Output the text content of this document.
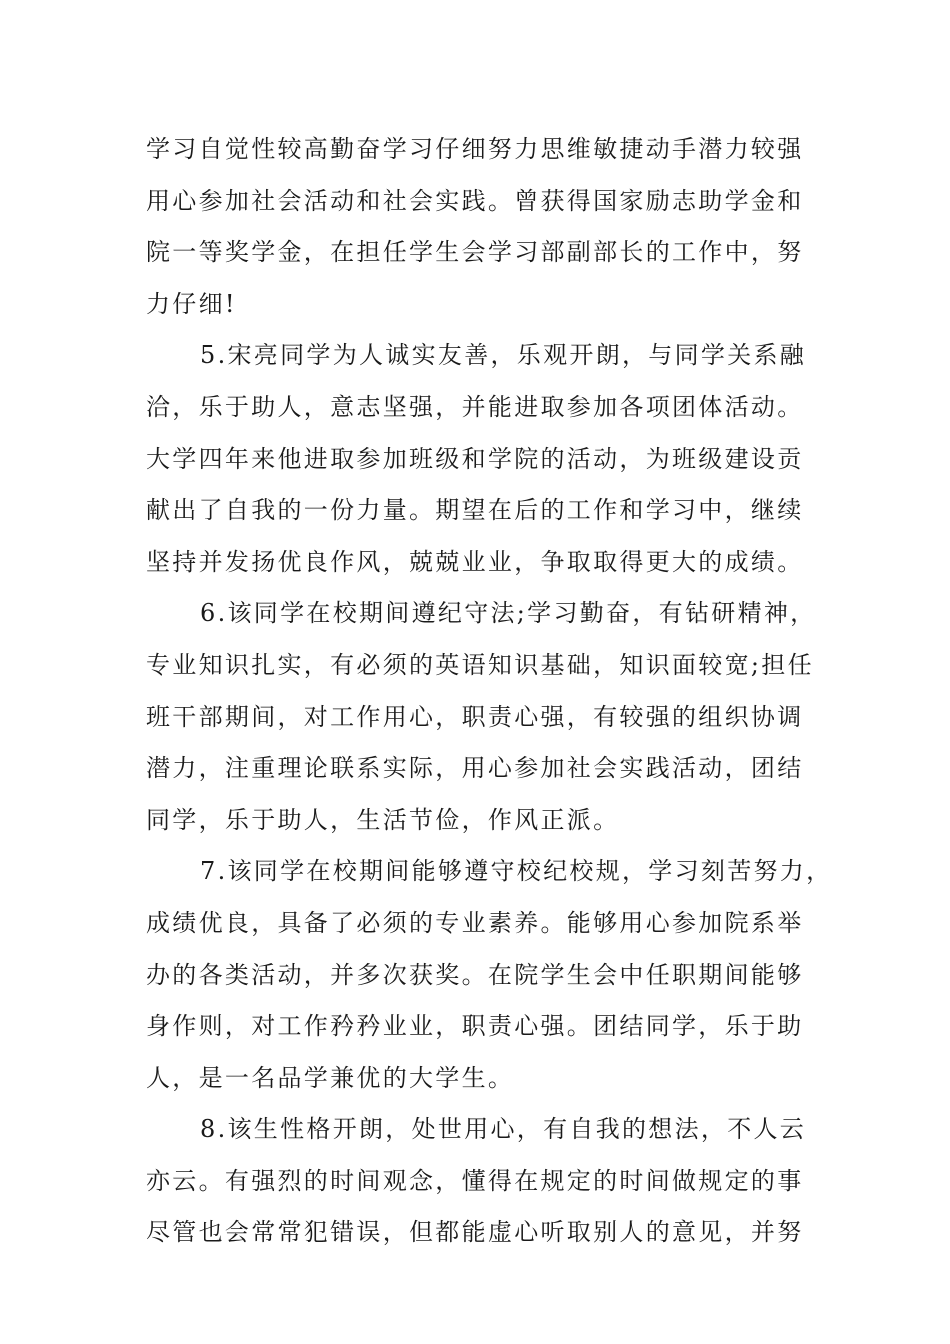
学习自觉性较高勤奋学习仔细努力思维敏捷动手潜力较强
用心参加社会活动和社会实践。曾获得国家励志助学金和
院一等奖学金，在担任学生会学习部副部长的工作中，努
力仔细!
5.宋亮同学为人诚实友善，乐观开朗，与同学关系融
洽，乐于助人，意志坚强，并能进取参加各项团体活动。
大学四年来他进取参加班级和学院的活动，为班级建设贡
献出了自我的一份力量。期望在后的工作和学习中，继续
坚持并发扬优良作风，兢兢业业，争取取得更大的成绩。
6.该同学在校期间遵纪守法;学习勤奋，有钻研精神，
专业知识扎实，有必须的英语知识基础，知识面较宽;担任
班干部期间，对工作用心，职责心强，有较强的组织协调
潜力，注重理论联系实际，用心参加社会实践活动，团结
同学，乐于助人，生活节俭，作风正派。
7.该同学在校期间能够遵守校纪校规，学习刻苦努力，
成绩优良，具备了必须的专业素养。能够用心参加院系举
办的各类活动，并多次获奖。在院学生会中任职期间能够
身作则，对工作矜矜业业，职责心强。团结同学，乐于助
人，是一名品学兼优的大学生。
8.该生性格开朗，处世用心，有自我的想法，不人云
亦云。有强烈的时间观念，懂得在规定的时间做规定的事
尽管也会常常犯错误，但都能虚心听取别人的意见，并努
